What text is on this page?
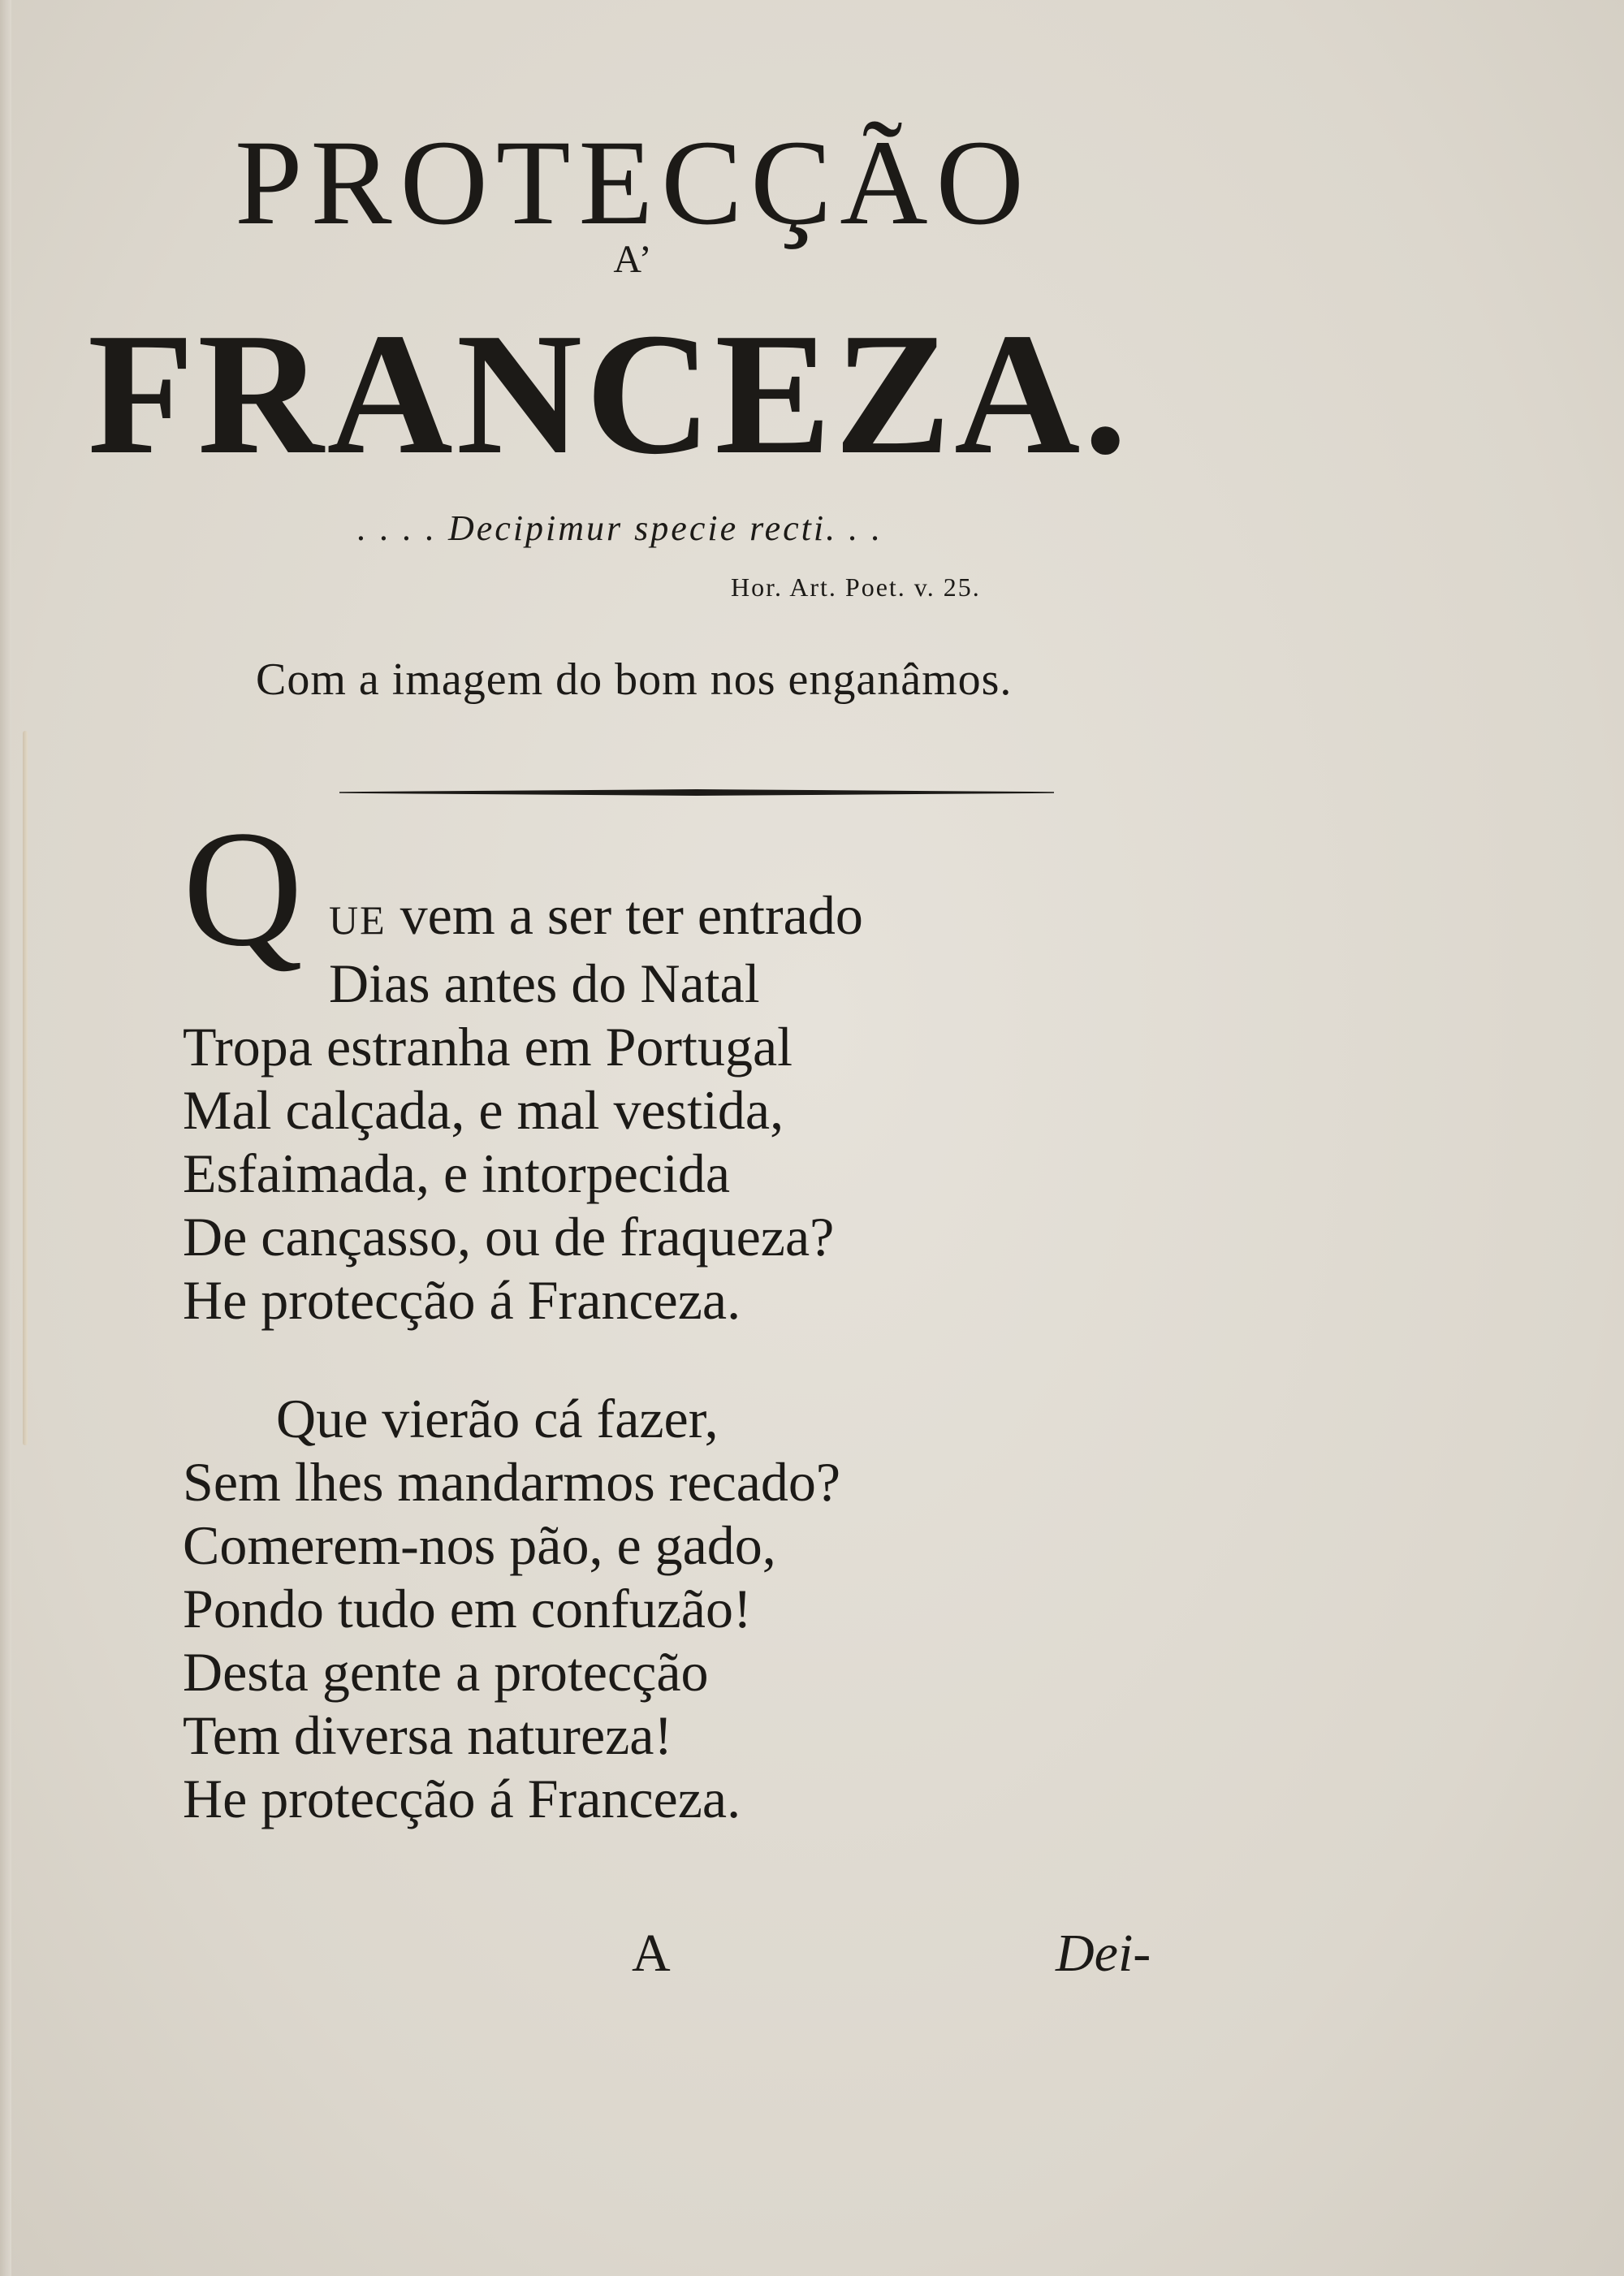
PROTECÇÃO
A’
FRANCEZA.
. . . . Decipimur specie recti. . .
Hor. Art. Poet. v. 25.
Com a imagem do bom nos enganâmos.
Q UE vem a ser ter entrado
Dias antes do Natal
Tropa estranha em Portugal
Mal calçada, e mal vestida,
Esfaimada, e intorpecida
De cançasso, ou de fraqueza?
He protecção á Franceza.
Que vierão cá fazer,
Sem lhes mandarmos recado?
Comerem-nos pão, e gado,
Pondo tudo em confuzão!
Desta gente a protecção
Tem diversa natureza!
He protecção á Franceza.
A	Dei-
